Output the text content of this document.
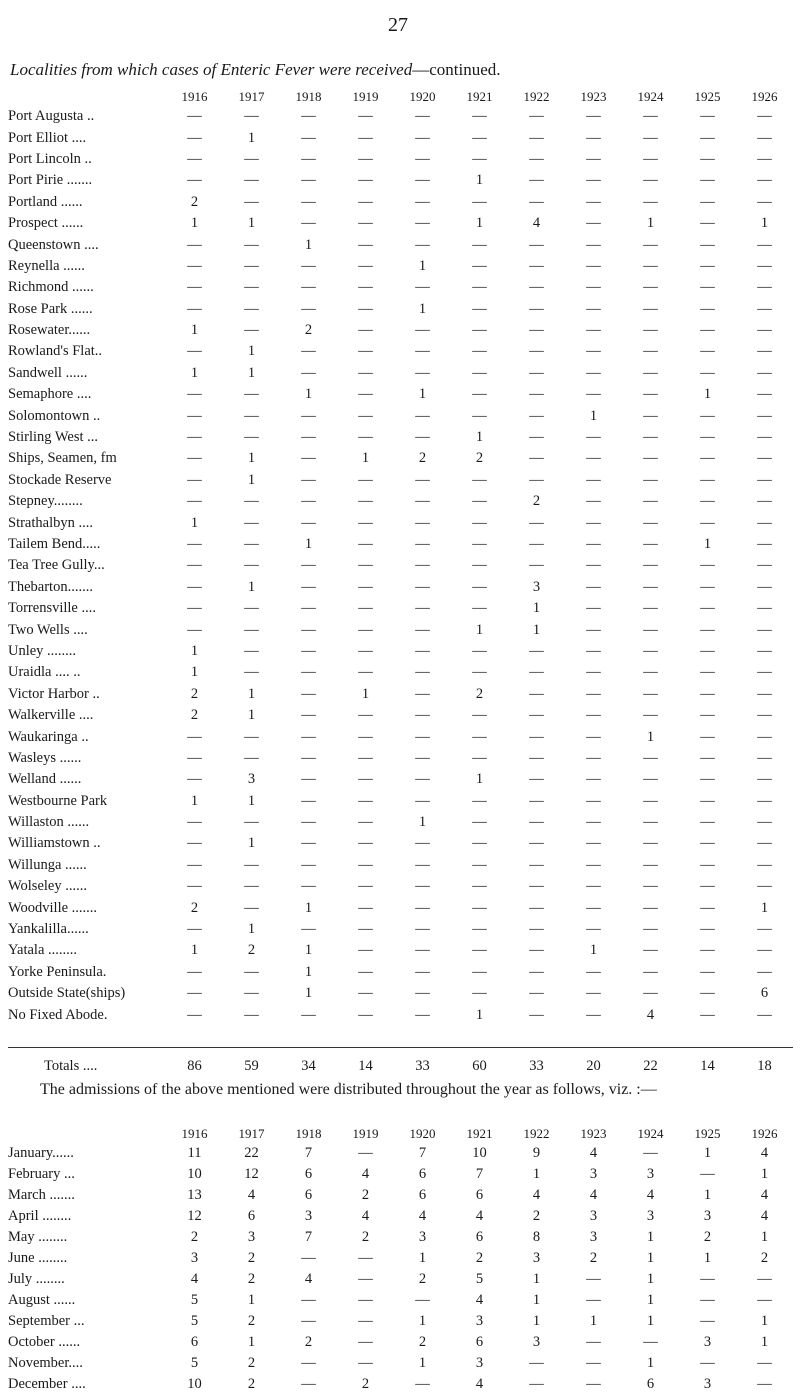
27
Localities from which cases of Enteric Fever were received—continued.
	1916	1917	1918	1919	1920	1921	1922	1923	1924	1925	1926
Port Augusta ..	—	—	—	—	—	—	—	—	—	—	—
Port Elliot ....	—	1	—	—	—	—	—	—	—	—	—
Port Lincoln ..	—	—	—	—	—	—	—	—	—	—	—
Port Pirie .......	—	—	—	—	—	1	—	—	—	—	—
Portland ......	2	—	—	—	—	—	—	—	—	—	—
Prospect ......	1	1	—	—	—	1	4	—	1	—	1
Queenstown ....	—	—	1	—	—	—	—	—	—	—	—
Reynella ......	—	—	—	—	1	—	—	—	—	—	—
Richmond ......	—	—	—	—	—	—	—	—	—	—	—
Rose Park ......	—	—	—	—	1	—	—	—	—	—	—
Rosewater......	1	—	2	—	—	—	—	—	—	—	—
Rowland's Flat..	—	1	—	—	—	—	—	—	—	—	—
Sandwell ......	1	1	—	—	—	—	—	—	—	—	—
Semaphore ....	—	—	1	—	1	—	—	—	—	1	—
Solomontown ..	—	—	—	—	—	—	—	1	—	—	—
Stirling West ...	—	—	—	—	—	1	—	—	—	—	—
Ships, Seamen, fm	—	1	—	1	2	2	—	—	—	—	—
Stockade Reserve	—	1	—	—	—	—	—	—	—	—	—
Stepney........	—	—	—	—	—	—	2	—	—	—	—
Strathalbyn ....	1	—	—	—	—	—	—	—	—	—	—
Tailem Bend.....	—	—	1	—	—	—	—	—	—	1	—
Tea Tree Gully...	—	—	—	—	—	—	—	—	—	—	—
Thebarton.......	—	1	—	—	—	—	3	—	—	—	—
Torrensville ....	—	—	—	—	—	—	1	—	—	—	—
Two Wells ....	—	—	—	—	—	1	1	—	—	—	—
Unley ........	1	—	—	—	—	—	—	—	—	—	—
Uraidla .... ..	1	—	—	—	—	—	—	—	—	—	—
Victor Harbor ..	2	1	—	1	—	2	—	—	—	—	—
Walkerville ....	2	1	—	—	—	—	—	—	—	—	—
Waukaringa ..	—	—	—	—	—	—	—	—	1	—	—
Wasleys ......	—	—	—	—	—	—	—	—	—	—	—
Welland ......	—	3	—	—	—	1	—	—	—	—	—
Westbourne Park	1	1	—	—	—	—	—	—	—	—	—
Willaston ......	—	—	—	—	1	—	—	—	—	—	—
Williamstown ..	—	1	—	—	—	—	—	—	—	—	—
Willunga ......	—	—	—	—	—	—	—	—	—	—	—
Wolseley ......	—	—	—	—	—	—	—	—	—	—	—
Woodville .......	2	—	1	—	—	—	—	—	—	—	1
Yankalilla......	—	1	—	—	—	—	—	—	—	—	—
Yatala ........	1	2	1	—	—	—	—	1	—	—	—
Yorke Peninsula.	—	—	1	—	—	—	—	—	—	—	—
Outside State(ships)	—	—	1	—	—	—	—	—	—	—	6
No Fixed Abode.	—	—	—	—	—	1	—	—	4	—	—

Totals ....	86	59	34	14	33	60	33	20	22	14	18
The admissions of the above mentioned were distributed throughout the year as follows, viz. :—
	1916	1917	1918	1919	1920	1921	1922	1923	1924	1925	1926
January......	11	22	7	—	7	10	9	4	—	1	4
February ...	10	12	6	4	6	7	1	3	3	—	1
March .......	13	4	6	2	6	6	4	4	4	1	4
April ........	12	6	3	4	4	4	2	3	3	3	4
May ........	2	3	7	2	3	6	8	3	1	2	1
June ........	3	2	—	—	1	2	3	2	1	1	2
July ........	4	2	4	—	2	5	1	—	1	—	—
August ......	5	1	—	—	—	4	1	—	1	—	—
September ...	5	2	—	—	1	3	1	1	1	—	1
October ......	6	1	2	—	2	6	3	—	—	3	1
November....	5	2	—	—	1	3	—	—	1	—	—
December ....	10	2	—	2	—	4	—	—	6	3	—
